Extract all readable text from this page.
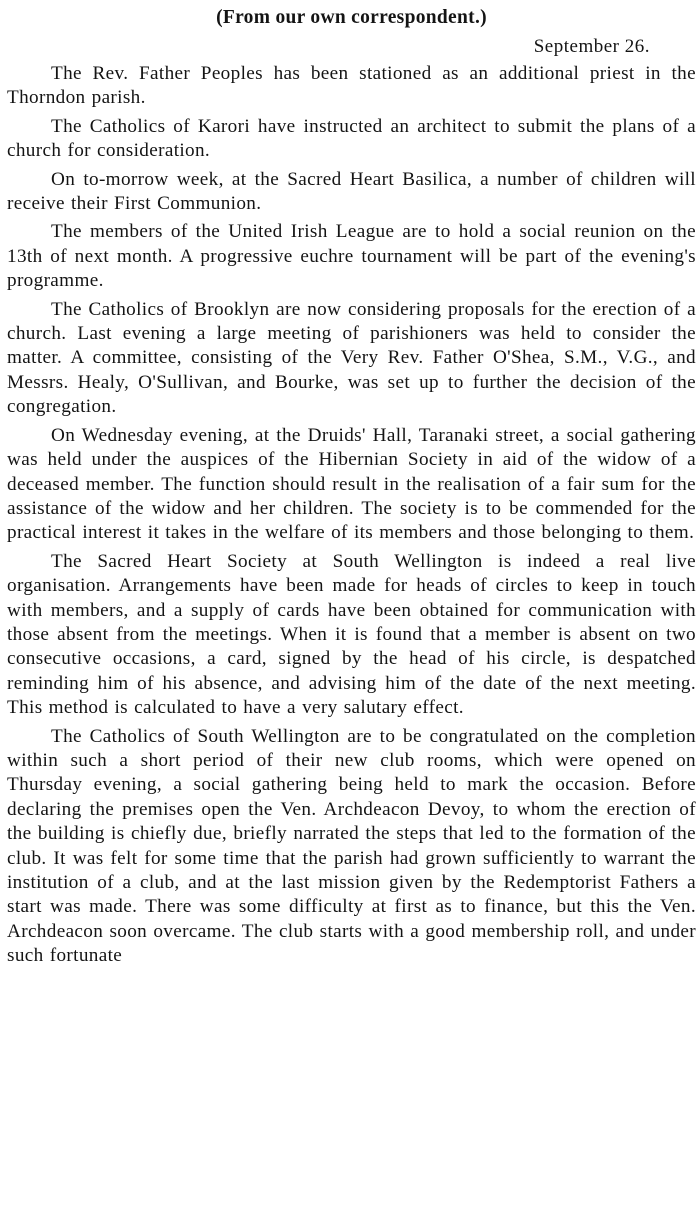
(From our own correspondent.)
September 26.

The Rev. Father Peoples has been stationed as an additional priest in the Thorndon parish.

The Catholics of Karori have instructed an architect to submit the plans of a church for consideration.

On to-morrow week, at the Sacred Heart Basilica, a number of children will receive their First Communion.

The members of the United Irish League are to hold a social reunion on the 13th of next month. A progressive euchre tournament will be part of the evening's programme.

The Catholics of Brooklyn are now considering proposals for the erection of a church. Last evening a large meeting of parishioners was held to consider the matter. A committee, consisting of the Very Rev. Father O'Shea, S.M., V.G., and Messrs. Healy, O'Sullivan, and Bourke, was set up to further the decision of the congregation.

On Wednesday evening, at the Druids' Hall, Taranaki street, a social gathering was held under the auspices of the Hibernian Society in aid of the widow of a deceased member. The function should result in the realisation of a fair sum for the assistance of the widow and her children. The society is to be commended for the practical interest it takes in the welfare of its members and those belonging to them.

The Sacred Heart Society at South Wellington is indeed a real live organisation. Arrangements have been made for heads of circles to keep in touch with members, and a supply of cards have been obtained for communication with those absent from the meetings. When it is found that a member is absent on two consecutive occasions, a card, signed by the head of his circle, is despatched reminding him of his absence, and advising him of the date of the next meeting. This method is calculated to have a very salutary effect.

The Catholics of South Wellington are to be congratulated on the completion within such a short period of their new club rooms, which were opened on Thursday evening, a social gathering being held to mark the occasion. Before declaring the premises open the Ven. Archdeacon Devoy, to whom the erection of the building is chiefly due, briefly narrated the steps that led to the formation of the club. It was felt for some time that the parish had grown sufficiently to warrant the institution of a club, and at the last mission given by the Redemptorist Fathers a start was made. There was some difficulty at first as to finance, but this the Ven. Archdeacon soon overcame. The club starts with a good membership roll, and under such fortunate
